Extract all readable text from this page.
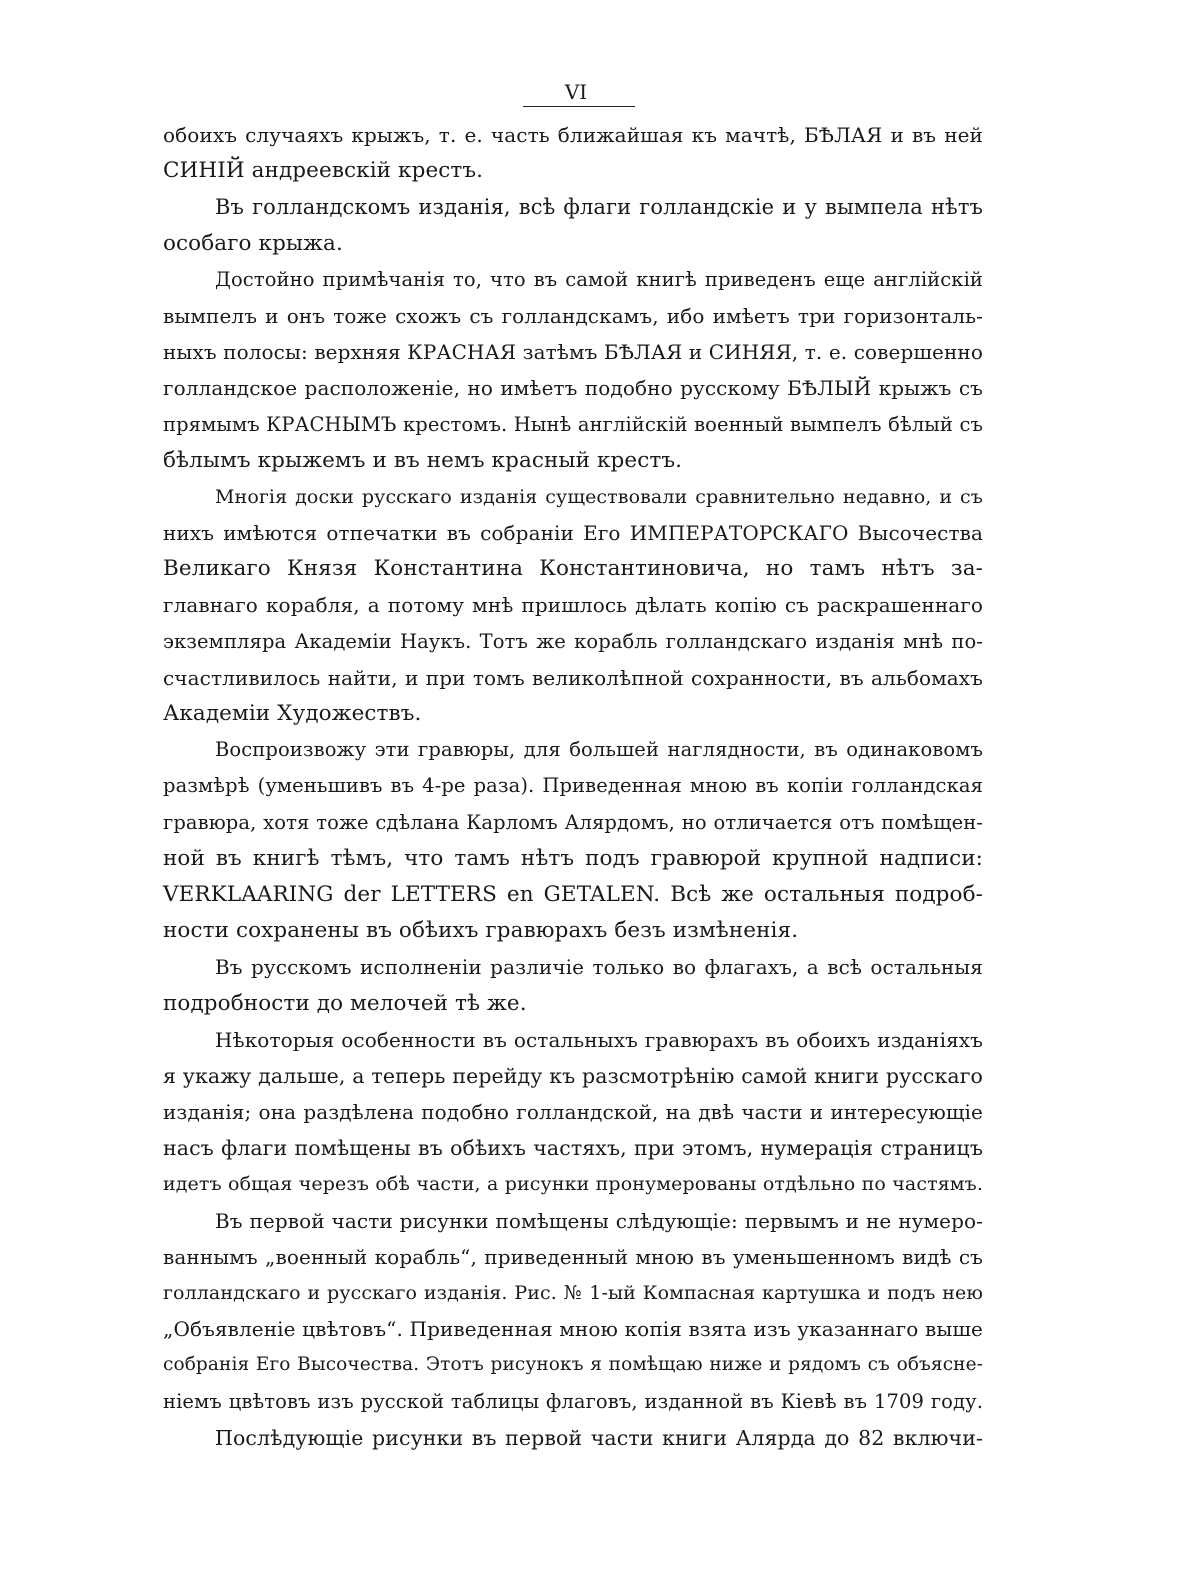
VI
обоихъ случаяхъ крыжъ, т. е. часть ближайшая къ мачтѣ, БѢЛАЯ и въ ней
СИНІЙ андреевскій крестъ.
Въ голландскомъ изданія, всѣ флаги голландскіе и у вымпела нѣтъ
особаго крыжа.
Достойно примѣчанія то, что въ самой книгѣ приведенъ еще англійскій
вымпелъ и онъ тоже схожъ съ голландскамъ, ибо имѣетъ три горизонталь-
ныхъ полосы: верхняя КРАСНАЯ затѣмъ БѢЛАЯ и СИНЯЯ, т. е. совершенно
голландское расположеніе, но имѣетъ подобно русскому БѢЛЫЙ крыжъ съ
прямымъ КРАСНЫМЪ крестомъ. Нынѣ англійскій военный вымпелъ бѣлый съ
бѣлымъ крыжемъ и въ немъ красный крестъ.
Многія доски русскаго изданія существовали сравнительно недавно, и съ
нихъ имѣются отпечатки въ собраніи Его ИМПЕРАТОРСКАГО Высочества
Великаго Князя Константина Константиновича, но тамъ нѣтъ за-
главнаго корабля, а потому мнѣ пришлось дѣлать копію съ раскрашеннаго
экземпляра Академіи Наукъ. Тотъ же корабль голландскаго изданія мнѣ по-
счастливилось найти, и при томъ великолѣпной сохранности, въ альбомахъ
Академіи Художествъ.
Воспроизвожу эти гравюры, для большей наглядности, въ одинаковомъ
размѣрѣ (уменьшивъ въ 4-ре раза). Приведенная мною въ копіи голландская
гравюра, хотя тоже сдѣлана Карломъ Алярдомъ, но отличается отъ помѣщен-
ной въ книгѣ тѣмъ, что тамъ нѣтъ подъ гравюрой крупной надписи:
VERKLAARING der LETTERS en GETALEN. Всѣ же остальныя подроб-
ности сохранены въ обѣихъ гравюрахъ безъ измѣненія.
Въ русскомъ исполненіи различіе только во флагахъ, а всѣ остальныя
подробности до мелочей тѣ же.
Нѣкоторыя особенности въ остальныхъ гравюрахъ въ обоихъ изданіяхъ
я укажу дальше, а теперь перейду къ разсмотрѣнію самой книги русскаго
изданія; она раздѣлена подобно голландской, на двѣ части и интересующіе
насъ флаги помѣщены въ обѣихъ частяхъ, при этомъ, нумерація страницъ
идетъ общая черезъ обѣ части, а рисунки пронумерованы отдѣльно по частямъ.
Въ первой части рисунки помѣщены слѣдующіе: первымъ и не нумеро-
ваннымъ „военный корабль“, приведенный мною въ уменьшенномъ видѣ съ
голландскаго и русскаго изданія. Рис. № 1-ый Компасная картушка и подъ нею
„Объявленіе цвѣтовъ“. Приведенная мною копія взята изъ указаннаго выше
собранія Его Высочества. Этотъ рисунокъ я помѣщаю ниже и рядомъ съ объясне-
ніемъ цвѣтовъ изъ русской таблицы флаговъ, изданной въ Кіевѣ въ 1709 году.
Послѣдующіе рисунки въ первой части книги Алярда до 82 включи-
